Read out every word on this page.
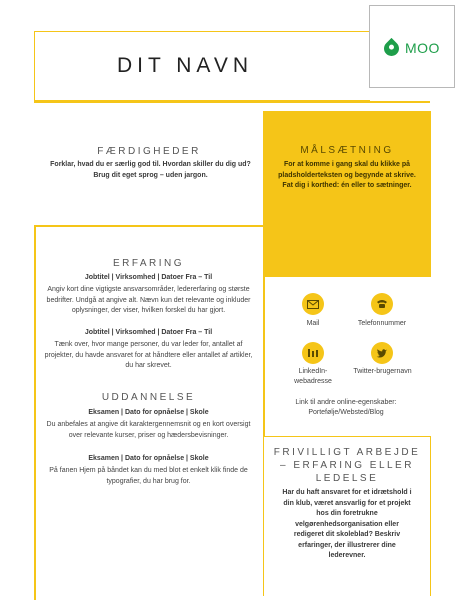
DIT NAVN
MOO
FÆRDIGHEDER
Forklar, hvad du er særlig god til. Hvordan skiller du dig ud? Brug dit eget sprog – uden jargon.
MÅLSÆTNING
For at komme i gang skal du klikke på pladsholderteksten og begynde at skrive. Fat dig i korthed: én eller to sætninger.
ERFARING
Jobtitel | Virksomhed | Datoer Fra – Til
Angiv kort dine vigtigste ansvarsområder, ledererfaring og største bedrifter. Undgå at angive alt. Nævn kun det relevante og inkluder oplysninger, der viser, hvilken forskel du har gjort.
Jobtitel | Virksomhed | Datoer Fra – Til
Tænk over, hvor mange personer, du var leder for, antallet af projekter, du havde ansvaret for at håndtere eller antallet af artikler, du har skrevet.
UDDANNELSE
Eksamen | Dato for opnåelse | Skole
Du anbefales at angive dit karaktergennemsnit og en kort oversigt over relevante kurser, priser og hædersbevisninger.
Eksamen | Dato for opnåelse | Skole
På fanen Hjem på båndet kan du med blot et enkelt klik finde de typografier, du har brug for.
Mail	Telefonnummer
LinkedIn-webadresse
Twitter-brugernavn
Link til andre online-egenskaber: Portefølje/Websted/Blog
FRIVILLIGT ARBEJDE – ERFARING ELLER LEDELSE
Har du haft ansvaret for et idrætshold i din klub, været ansvarlig for et projekt hos din foretrukne velgørenhedsorganisation eller redigeret dit skoleblad? Beskriv erfaringer, der illustrerer dine lederevner.
